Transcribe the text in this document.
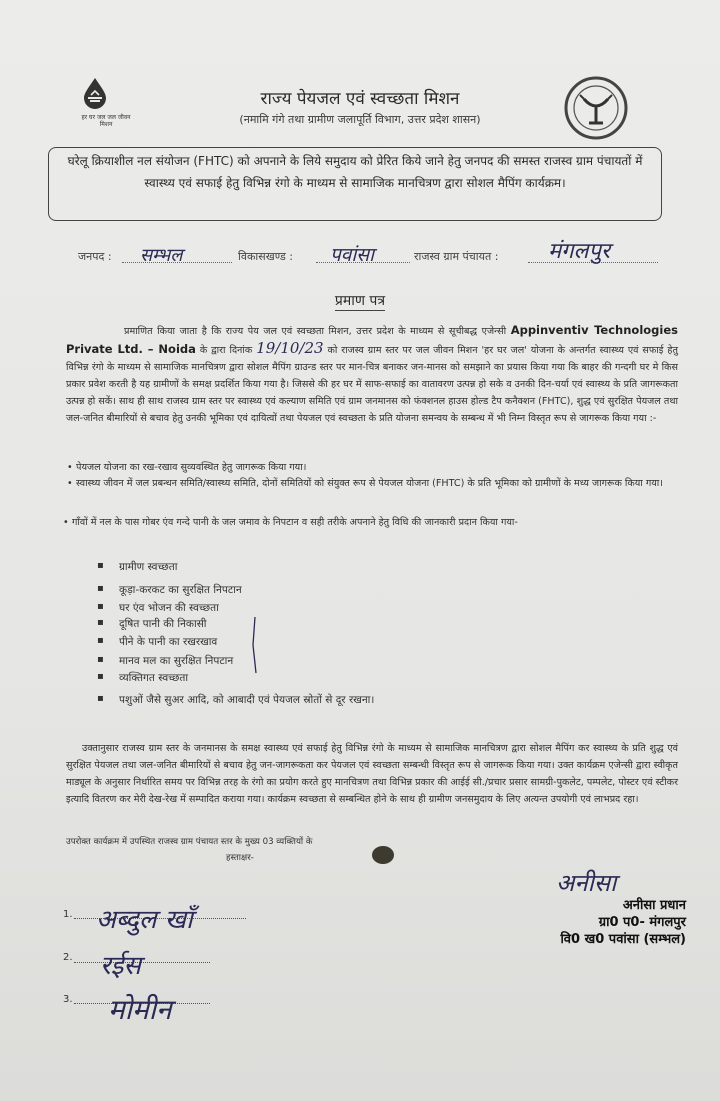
हर घर जल जल जीवन मिशन
राज्य पेयजल एवं स्वच्छता मिशन
(नमामि गंगे तथा ग्रामीण जलापूर्ति विभाग, उत्तर प्रदेश शासन)
घरेलू क्रियाशील नल संयोजन (FHTC) को अपनाने के लिये समुदाय को प्रेरित किये जाने हेतु जनपद की समस्त राजस्व ग्राम पंचायतों में स्वास्थ्य एवं सफाई हेतु विभिन्न रंगो के माध्यम से सामाजिक मानचित्रण द्वारा सोशल मैपिंग कार्यक्रम।
जनपद : सम्भल	विकासखण्ड : पवांसा	राजस्व ग्राम पंचायत : मंगलपुर
प्रमाण पत्र
प्रमाणित किया जाता है कि राज्य पेय जल एवं स्वच्छता मिशन, उत्तर प्रदेश के माध्यम से सूचीबद्ध एजेन्सी Appinventiv Technologies Private Ltd. – Noida के द्वारा दिनांक 19/10/23 को राजस्व ग्राम स्तर पर जल जीवन मिशन 'हर घर जल' योजना के अन्तर्गत स्वास्थ्य एवं सफाई हेतु विभिन्न रंगो के माध्यम से सामाजिक मानचित्रण द्वारा सोशल मैपिंग ग्राउन्ड स्तर पर मान-चित्र बनाकर जन-मानस को समझाने का प्रयास किया गया कि बाहर की गन्दगी घर मे किस प्रकार प्रवेश करती है यह ग्रामीणों के समक्ष प्रदर्शित किया गया है। जिससे की हर घर में साफ-सफाई का वातावरण उत्पन्न हो सके व उनकी दिन-चर्या एवं स्वास्थ्य के प्रति जागरूकता उत्पन्न हो सकें। साथ ही साथ राजस्व ग्राम स्तर पर स्वास्थ्य एवं कल्याण समिति एवं ग्राम जनमानस को फंक्शनल हाउस होल्ड टैप कनैक्शन (FHTC), शुद्ध एवं सुरक्षित पेयजल तथा जल-जनित बीमारियों से बचाव हेतु उनकी भूमिका एवं दायित्वों तथा पेयजल एवं स्वच्छता के प्रति योजना समन्वय के सम्बन्ध में भी निम्न विस्तृत रूप से जागरूक किया गया :-
• पेयजल योजना का रख-रखाव सुव्यवस्थित हेतु जागरूक किया गया।
• स्वास्थ्य जीवन में जल प्रबन्धन समिति/स्वास्थ्य समिति, दोनों समितियों को संयुक्त रूप से पेयजल योजना (FHTC) के प्रति भूमिका को ग्रामीणों के मध्य जागरूक किया गया।
• गाँवों में नल के पास गोबर एंव गन्दे पानी के जल जमाव के निपटान व सही तरीके अपनाने हेतु विधि की जानकारी प्रदान किया गया-
▪ ग्रामीण स्वच्छता
▪ कूड़ा-करकट का सुरक्षित निपटान
▪ घर एंव भोजन की स्वच्छता
▪ दूषित पानी की निकासी
▪ पीने के पानी का रखरखाव
▪ मानव मल का सुरक्षित निपटान
▪ व्यक्तिगत स्वच्छता
▪ पशुओं जैसे सुअर आदि, को आबादी एवं पेयजल स्रोतों से दूर रखना।
उक्तानुसार राजस्व ग्राम स्तर के जनमानस के समक्ष स्वास्थ्य एवं सफाई हेतु विभिन्न रंगो के माध्यम से सामाजिक मानचित्रण द्वारा सोशल मैपिंग कर स्वास्थ्य के प्रति शुद्ध एवं सुरक्षित पेयजल तथा जल-जनित बीमारियों से बचाव हेतु जन-जागरूकता कर पेयजल एवं स्वच्छता सम्बन्धी विस्तृत रूप से जागरूक किया गया। उक्त कार्यक्रम एजेन्सी द्वारा स्वीकृत माड्यूल के अनुसार निर्धारित समय पर विभिन्न तरह के रंगो का प्रयोग करते हुए मानचित्रण तथा विभिन्न प्रकार की आईई सी./प्रचार प्रसार सामग्री-पुकलेट, पम्पलेट, पोस्टर एवं स्टीकर इत्यादि वितरण कर मेरी देख-रेख में सम्पादित कराया गया। कार्यक्रम स्वच्छता से सम्बन्धित होने के साथ ही ग्रामीण जनसमुदाय के लिए अत्यन्त उपयोगी एवं लाभप्रद रहा।
उपरोक्त कार्यक्रम में उपस्थित राजस्व ग्राम पंचायत स्तर के मुख्य 03 व्यक्तियों के
हस्ताक्षर-
1. अब्दुल खाँ
2. रईस
3. मोमीन
अनीसा
अनीसा प्रधान
ग्रा0 प0- मंगलपुर
वि0 ख0 पवांसा (सम्भल)
